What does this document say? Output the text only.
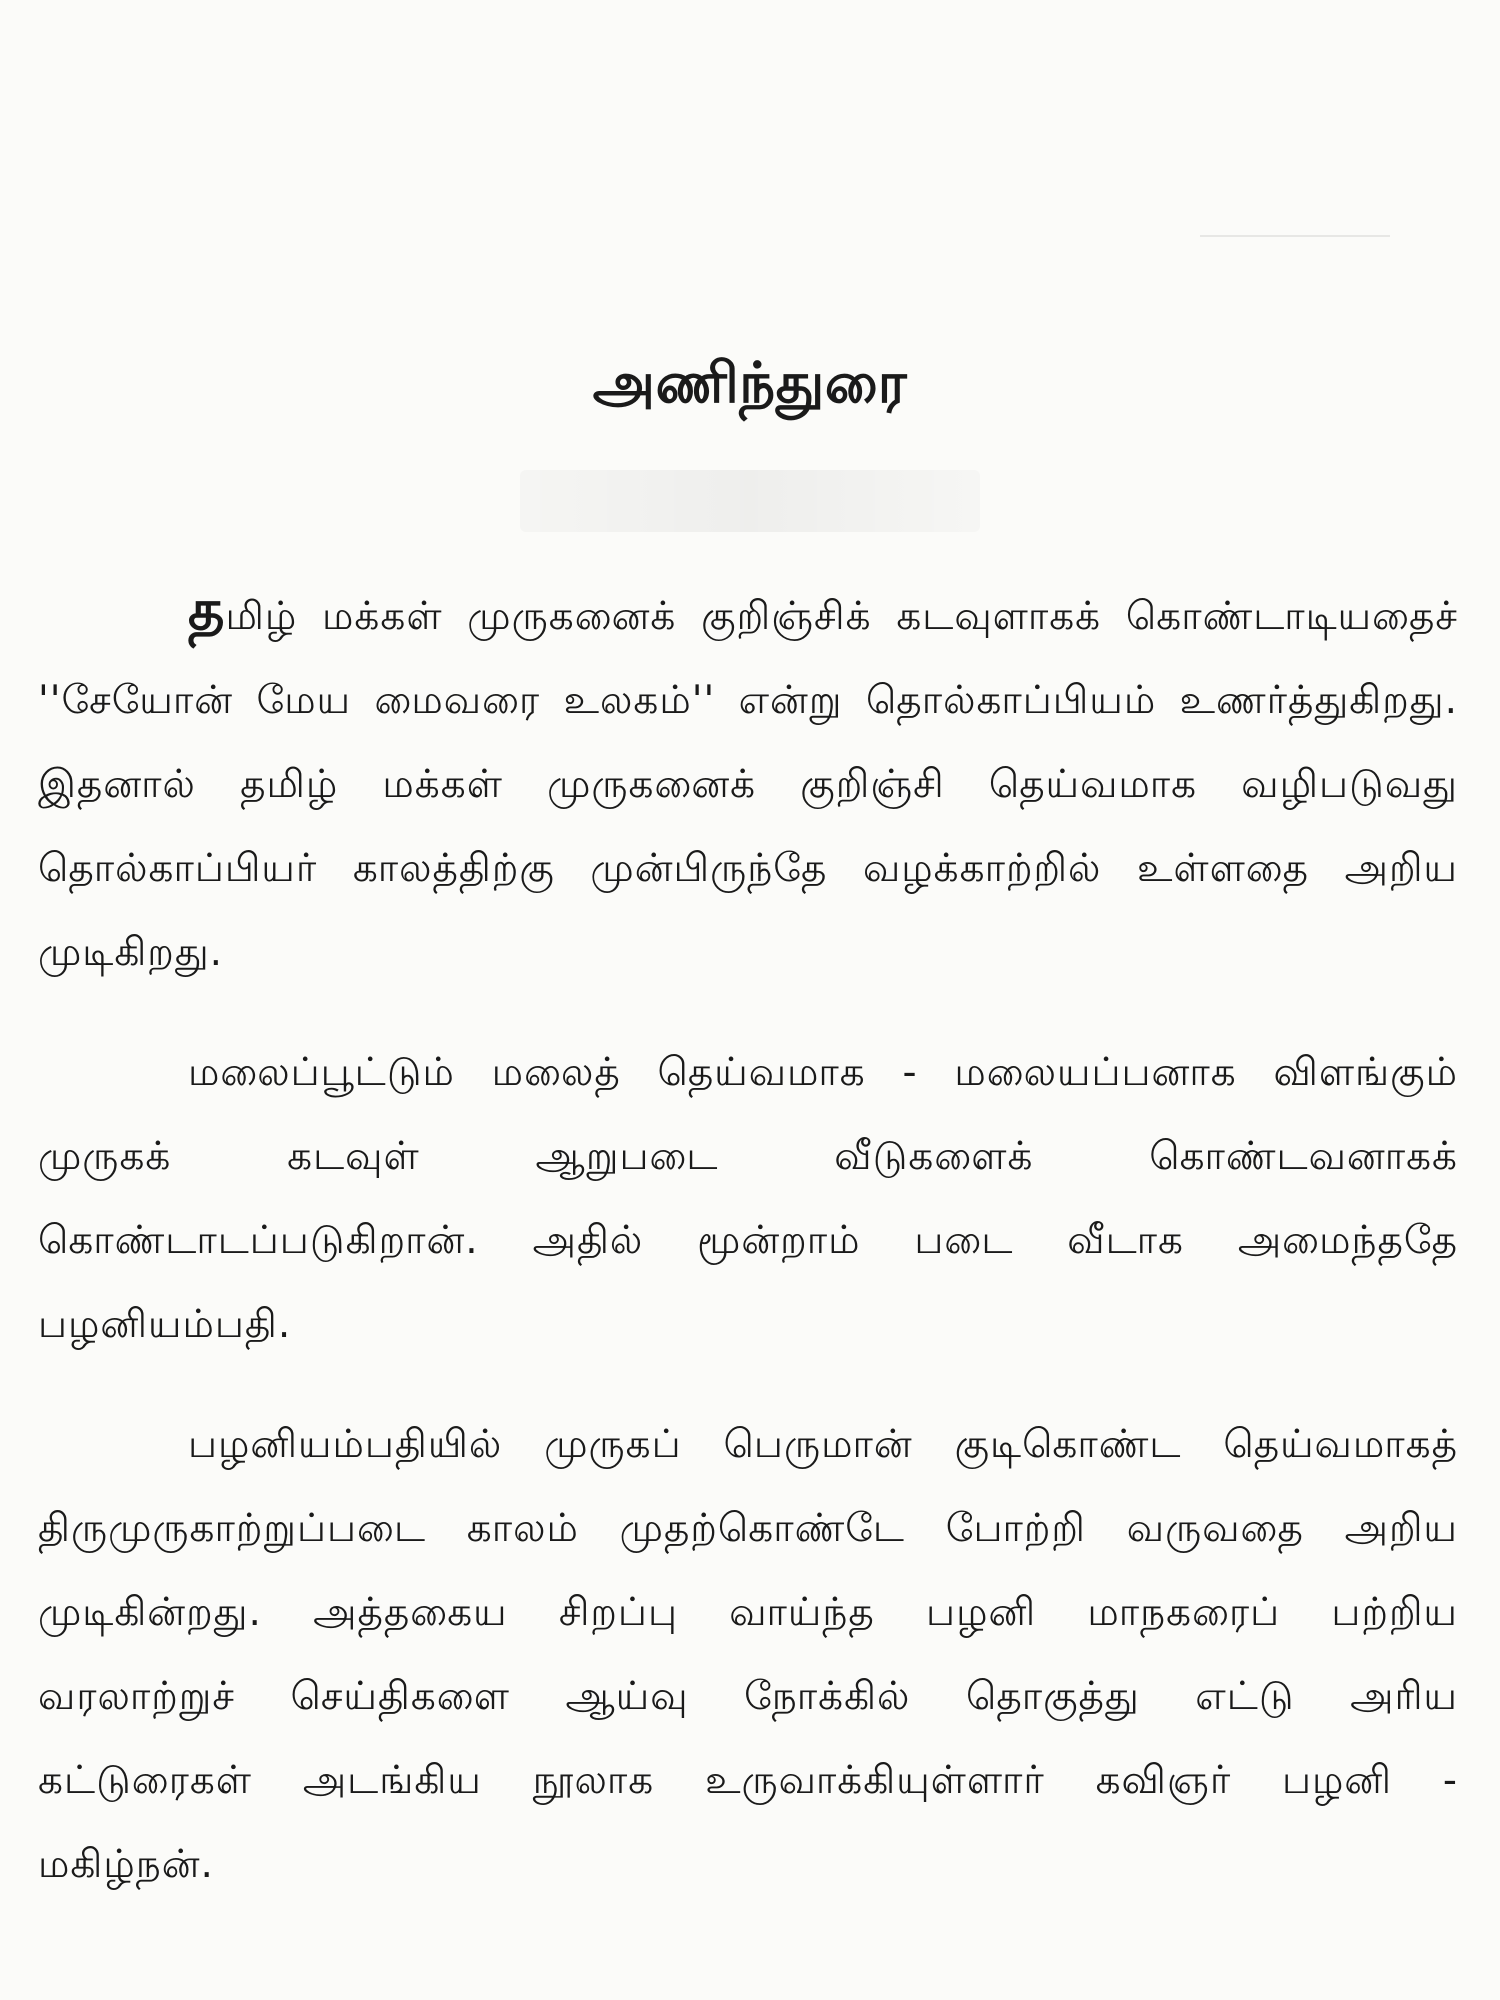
அணிந்துரை

தமிழ் மக்கள் முருகனைக் குறிஞ்சிக் கடவுளாகக் கொண்டாடியதைச் ''சேயோன் மேய மைவரை உலகம்'' என்று தொல்காப்பியம் உணர்த்துகிறது. இதனால் தமிழ் மக்கள் முருகனைக் குறிஞ்சி தெய்வமாக வழிபடுவது தொல்காப்பியர் காலத்திற்கு முன்பிருந்தே வழக்காற்றில் உள்ளதை அறிய முடிகிறது.

மலைப்பூட்டும் மலைத் தெய்வமாக - மலையப்பனாக விளங்கும் முருகக் கடவுள் ஆறுபடை வீடுகளைக் கொண்டவனாகக் கொண்டாடப்படுகிறான். அதில் மூன்றாம் படை வீடாக அமைந்ததே பழனியம்பதி.

பழனியம்பதியில் முருகப் பெருமான் குடிகொண்ட தெய்வமாகத் திருமுருகாற்றுப்படை காலம் முதற்கொண்டே போற்றி வருவதை அறிய முடிகின்றது. அத்தகைய சிறப்பு வாய்ந்த பழனி மாநகரைப் பற்றிய வரலாற்றுச் செய்திகளை ஆய்வு நோக்கில் தொகுத்து எட்டு அரிய கட்டுரைகள் அடங்கிய நூலாக உருவாக்கியுள்ளார் கவிஞர் பழனி - மகிழ்நன்.
